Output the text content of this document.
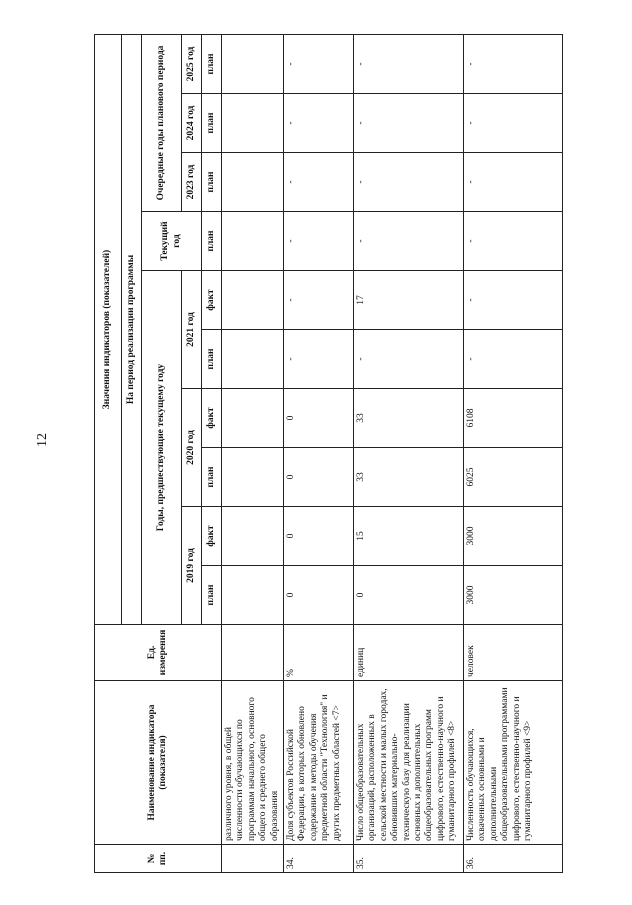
12
№ пп.	Наименование индикатора (показателя)	Ед. измерения	Значения индикаторов (показателей)									
			На период реализации программы									
			Годы, предшествующие текущему году						Текущий год	Очередные годы планового периода		
			2019 год		2020 год		2021 год			2023 год	2024 год	2025 год
			план	факт	план	факт	план	факт	план	план	план	план
	различного уровня, в общей численности обучающихся по программам начального, основного общего и среднего общего образования											
34.	Доля субъектов Российской Федерации, в которых обновлено содержание и методы обучения предметной области "Технология" и других предметных областей <7>	%	0	0	0	0	-	-	-	-	-	-
35.	Число общеобразовательных организаций, расположенных в сельской местности и малых городах, обновивших материально-техническую базу для реализации основных и дополнительных общеобразовательных программ цифрового, естественно-научного и гуманитарного профилей <8>	единиц	0	15	33	33	-	17	-	-	-	-
36.	Численность обучающихся, охваченных основными и дополнительными общеобразовательными программами цифрового, естественно-научного и гуманитарного профилей <9>	человек	3000	3000	6025	6108	-	-	-	-	-	-
